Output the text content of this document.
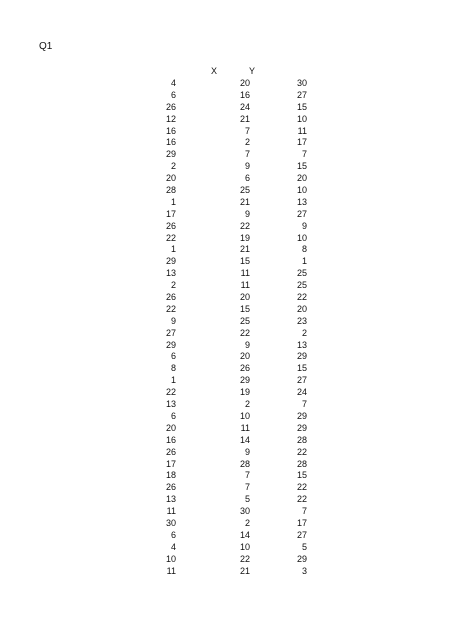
Q1
X	Y
4	20	30
6	16	27
26	24	15
12	21	10
16	7	11
16	2	17
29	7	7
2	9	15
20	6	20
28	25	10
1	21	13
17	9	27
26	22	9
22	19	10
1	21	8
29	15	1
13	11	25
2	11	25
26	20	22
22	15	20
9	25	23
27	22	2
29	9	13
6	20	29
8	26	15
1	29	27
22	19	24
13	2	7
6	10	29
20	11	29
16	14	28
26	9	22
17	28	28
18	7	15
26	7	22
13	5	22
11	30	7
30	2	17
6	14	27
4	10	5
10	22	29
11	21	3
